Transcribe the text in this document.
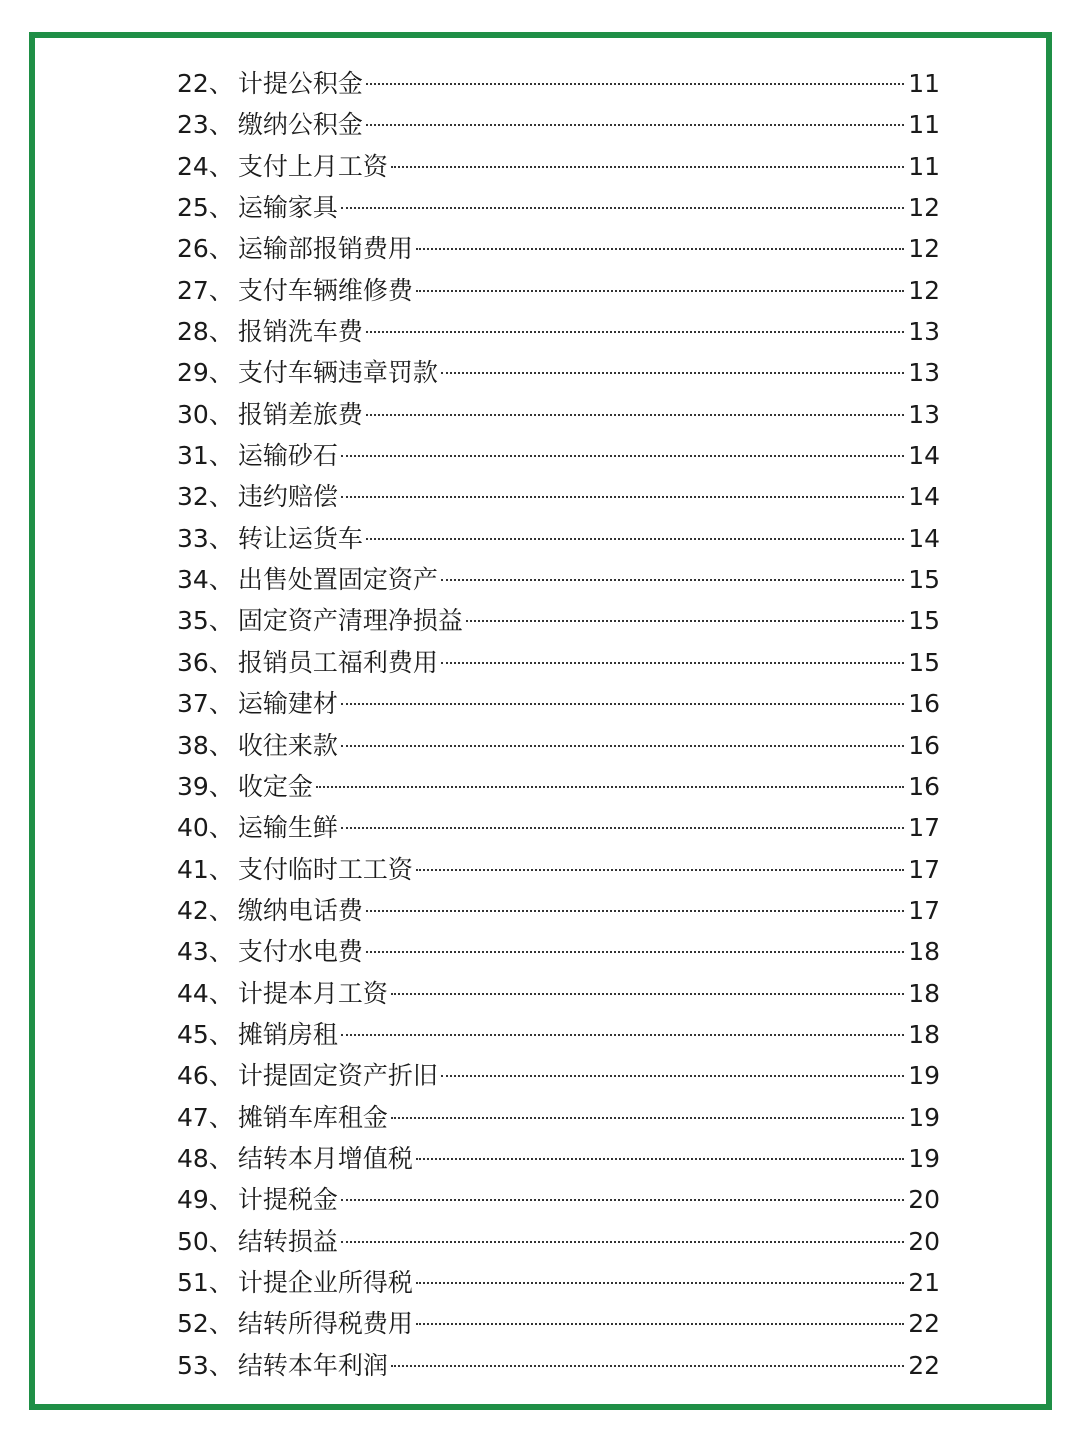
22 、 计提公积金	11
23 、 缴纳公积金	11
24 、 支付上月工资	11
25 、 运输家具	12
26 、 运输部报销费用	12
27 、 支付车辆维修费	12
28 、 报销洗车费	13
29 、 支付车辆违章罚款	13
30 、 报销差旅费	13
31 、 运输砂石	14
32 、 违约赔偿	14
33 、 转让运货车	14
34 、 出售处置固定资产	15
35 、 固定资产清理净损益	15
36 、 报销员工福利费用	15
37 、 运输建材	16
38 、 收往来款	16
39 、 收定金	16
40 、 运输生鲜	17
41 、 支付临时工工资	17
42 、 缴纳电话费	17
43 、 支付水电费	18
44 、 计提本月工资	18
45 、 摊销房租	18
46 、 计提固定资产折旧	19
47 、 摊销车库租金	19
48 、 结转本月增值税	19
49 、 计提税金	20
50 、 结转损益	20
51 、 计提企业所得税	21
52 、 结转所得税费用	22
53 、 结转本年利润	22
